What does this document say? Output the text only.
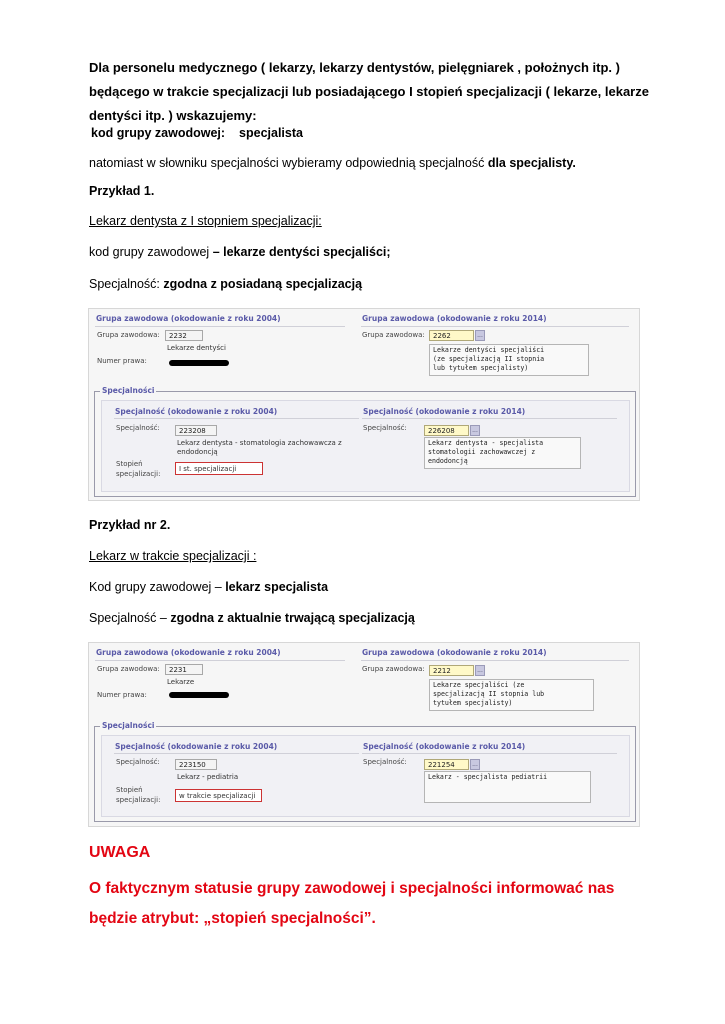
Dla personelu medycznego ( lekarzy, lekarzy dentystów, pielęgniarek , położnych itp. ) będącego w trakcie specjalizacji lub posiadającego I stopień specjalizacji ( lekarze, lekarze dentyści itp. ) wskazujemy:

kod grupy zawodowej: specjalista
natomiast w słowniku specjalności wybieramy odpowiednią specjalność dla specjalisty.
Przykład 1.
Lekarz dentysta z I stopniem specjalizacji:
kod grupy zawodowej – lekarze dentyści specjaliści;
Specjalność: zgodna z posiadaną specjalizacją
Grupa zawodowa (okodowanie z roku 2004)	Grupa zawodowa (okodowanie z roku 2014)
Grupa zawodowa:	2232
Lekarze dentyści
Numer prawa:
Grupa zawodowa:	2262	...
Lekarze dentyści specjaliści
(ze specjalizacją II stopnia
lub tytułem specjalisty)
Specjalności
Specjalność (okodowanie z roku 2004)	Specjalność (okodowanie z roku 2014)
Specjalność:	223208
Lekarz dentysta - stomatologia zachowawcza z endodoncją
Stopień
specjalizacji:
I st. specjalizacji
Specjalność:	226208	...
Lekarz dentysta - specjalista
stomatologii zachowawczej z
endodoncją
Przykład nr 2.
Lekarz w trakcie specjalizacji :
Kod grupy zawodowej – lekarz specjalista
Specjalność – zgodna z aktualnie trwającą specjalizacją
Grupa zawodowa (okodowanie z roku 2004)	Grupa zawodowa (okodowanie z roku 2014)
Grupa zawodowa:	2231
Lekarze
Numer prawa:
Grupa zawodowa:	2212	...
Lekarze specjaliści (ze
specjalizacją II stopnia lub
tytułem specjalisty)
Specjalności
Specjalność (okodowanie z roku 2004)	Specjalność (okodowanie z roku 2014)
Specjalność:	223150
Lekarz - pediatria
Stopień
specjalizacji:	w trakcie specjalizacji
Specjalność:	221254	...
Lekarz - specjalista pediatrii
UWAGA
O faktycznym statusie grupy zawodowej i specjalności informować nas
będzie atrybut: „stopień specjalności”.
